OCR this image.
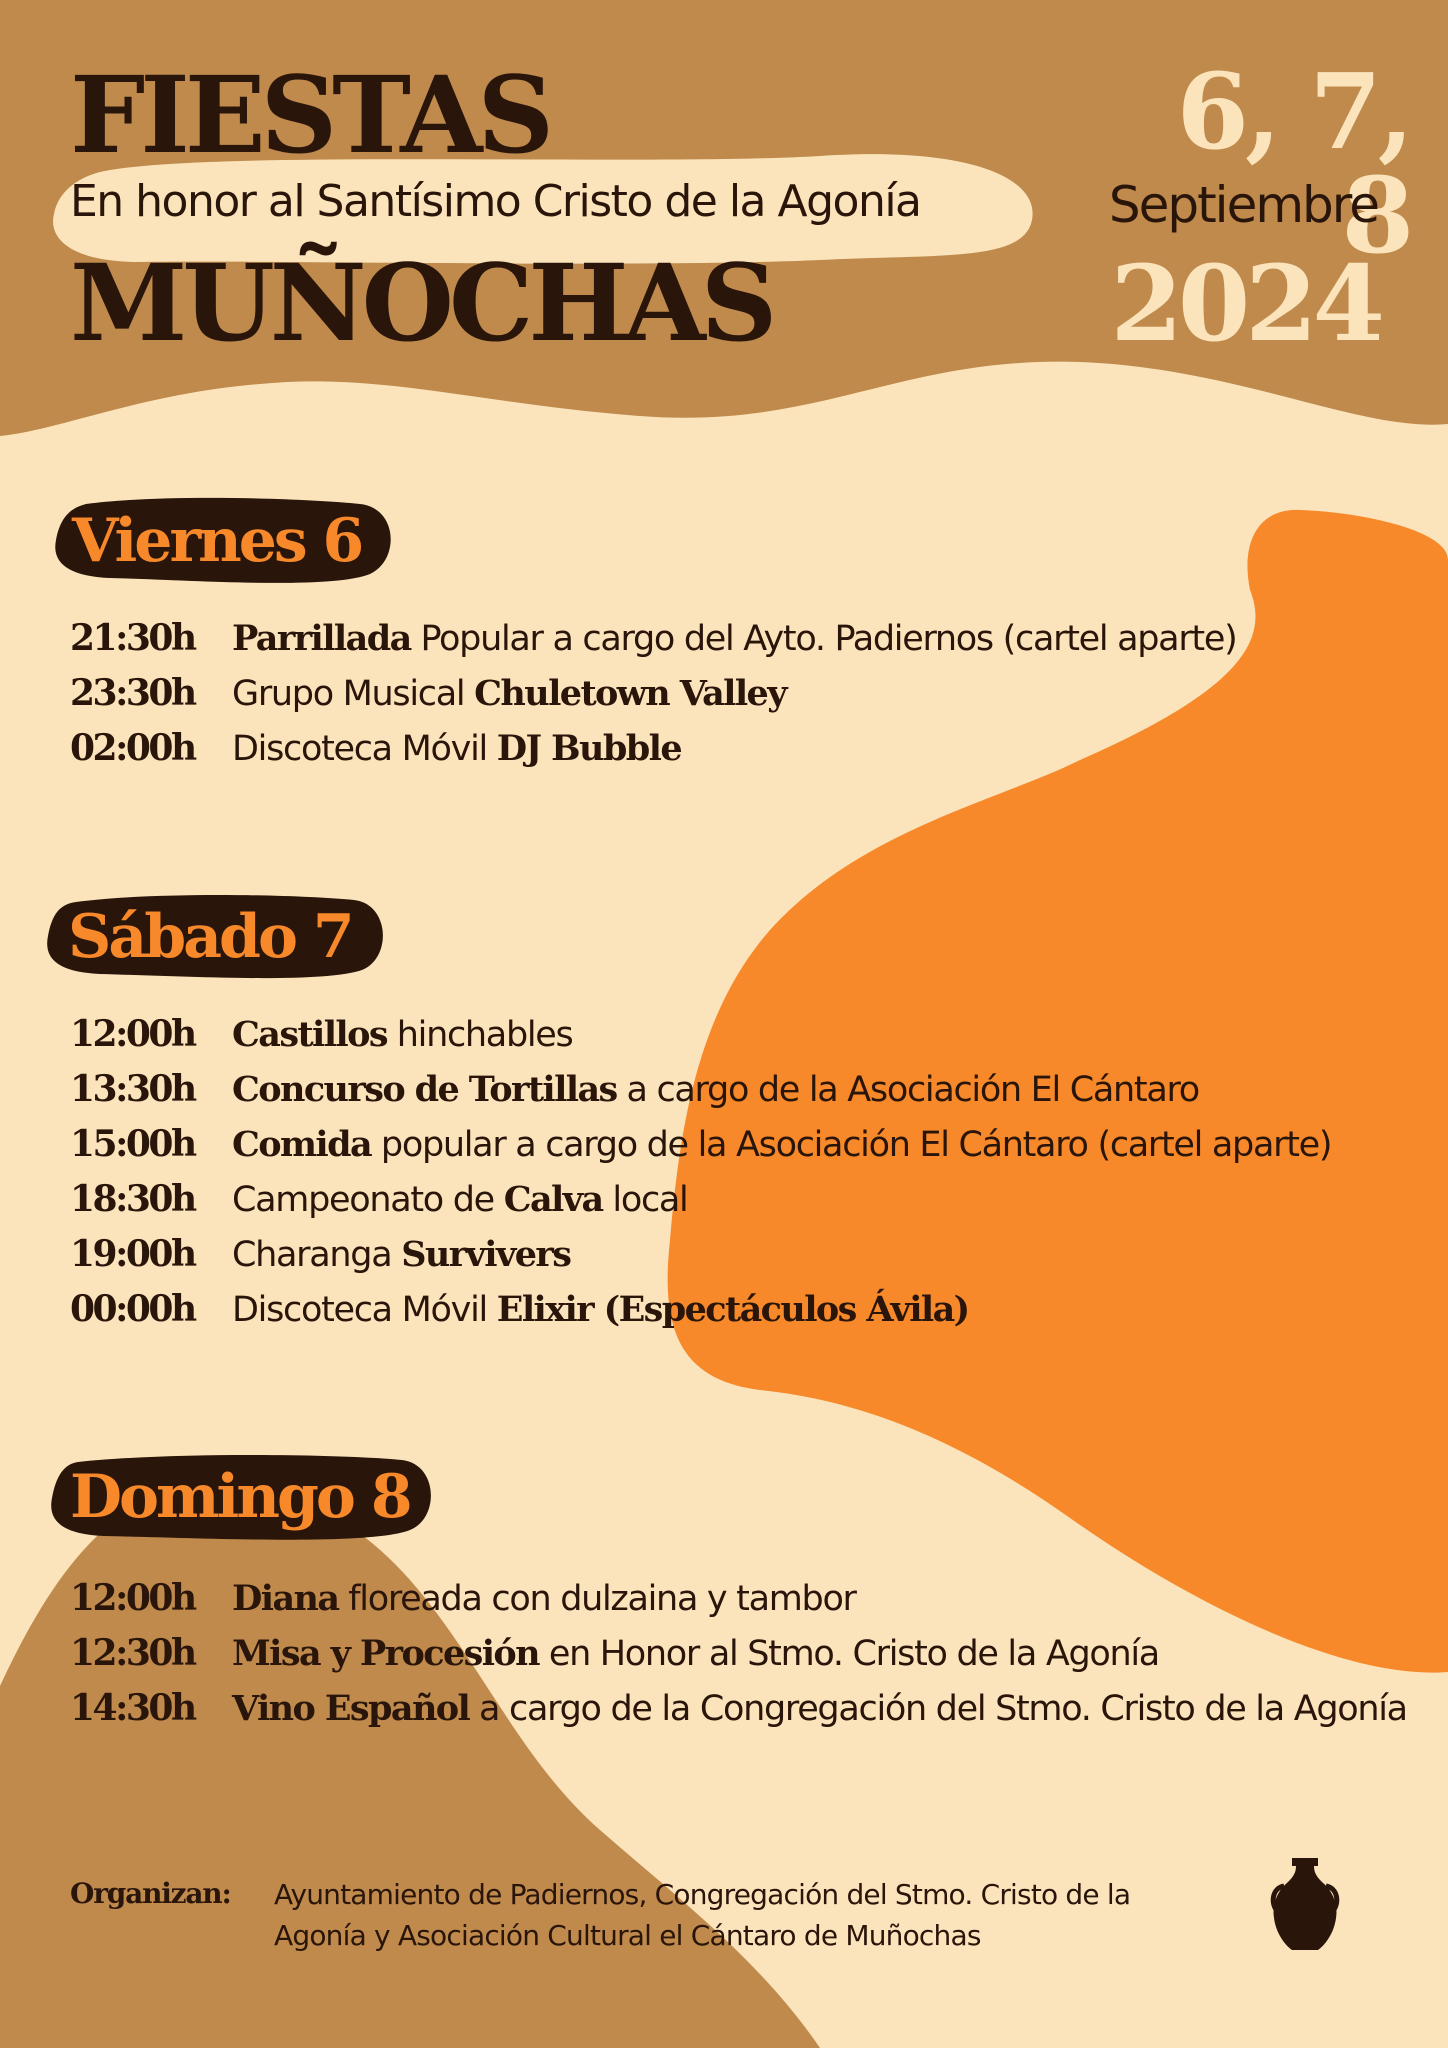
FIESTAS
En honor al Santísimo Cristo de la Agonía
MUÑOCHAS
6, 7, 8
Septiembre
2024
Viernes 6
Sábado 7
Domingo 8
21:30h	Parrillada Popular a cargo del Ayto. Padiernos (cartel aparte)
23:30h	Grupo Musical Chuletown Valley
02:00h	Discoteca Móvil DJ Bubble
12:00h	Castillos hinchables
13:30h	Concurso de Tortillas a cargo de la Asociación El Cántaro
15:00h	Comida popular a cargo de la Asociación El Cántaro (cartel aparte)
18:30h	Campeonato de Calva local
19:00h	Charanga Survivers
00:00h	Discoteca Móvil Elixir (Espectáculos Ávila)
12:00h	Diana floreada con dulzaina y tambor
12:30h	Misa y Procesión en Honor al Stmo. Cristo de la Agonía
14:30h	Vino Español a cargo de la Congregación del Stmo. Cristo de la Agonía
Organizan: Ayuntamiento de Padiernos, Congregación del Stmo. Cristo de la Agonía y Asociación Cultural el Cántaro de Muñochas
